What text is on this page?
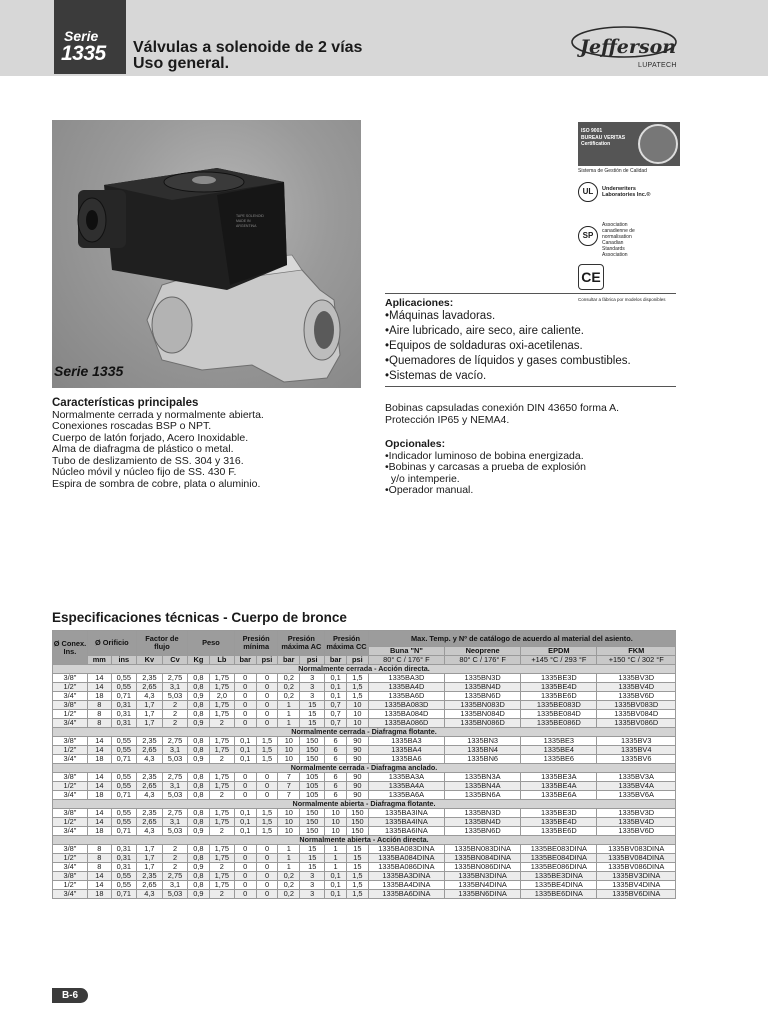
Serie
1335 Válvulas a solenoide de 2 vías
Uso general.
Jefferson
LUPATECH
Serie 1335
TAPE SOLENOID MADE IN ARGENTINA
ISO 9001
BUREAU VERITAS
Certification
Sistema de Gestión de Calidad
UL	Underwriters
Laboratories Inc.®
SP
Association
canadienne de
normalisation
Canadian
Standards
Association
CE
Consultar a fábrica por modelos disponibles
Aplicaciones:
•Máquinas lavadoras.
•Aire lubricado, aire seco, aire caliente.
•Equipos de soldaduras oxi-acetilenas.
•Quemadores de líquidos y gases combustibles.
•Sistemas de vacío.
Características principales
Normalmente cerrada y normalmente abierta.
Conexiones roscadas BSP o NPT.
Cuerpo de latón forjado, Acero Inoxidable.
Alma de diafragma de plástico o metal.
Tubo de deslizamiento de SS. 304 y 316.
Núcleo móvil y núcleo fijo de SS. 430 F.
Espira de sombra de cobre, plata o aluminio.
Bobinas capsuladas conexión DIN 43650 forma A.
Protección IP65 y NEMA4.
Opcionales:
•Indicador luminoso de bobina energizada.
•Bobinas y carcasas a prueba de explosión
y/o intemperie.
•Operador manual.
Especificaciones técnicas - Cuerpo de bronce
Ø Conex. Ins.	Ø Orificio		Factor de flujo		Peso		Presión mínima		Presión máxima AC		Presión máxima CC		Max. Temp. y Nº de catálogo de acuerdo al material del asiento.			
													Buna "N"	Neoprene	EPDM	FKM
	mm	ins	Kv	Cv	Kg	Lb	bar	psi	bar	psi	bar	psi	80° C / 176° F	80° C / 176° F	+145 °C / 293 °F	+150 °C / 302 °F
Normalmente cerrada - Acción directa.																
3/8"	14	0,55	2,35	2,75	0,8	1,75	0	0	0,2	3	0,1	1,5	1335BA3D	1335BN3D	1335BE3D	1335BV3D
1/2"	14	0,55	2,65	3,1	0,8	1,75	0	0	0,2	3	0,1	1,5	1335BA4D	1335BN4D	1335BE4D	1335BV4D
3/4"	18	0,71	4,3	5,03	0,9	2,0	0	0	0,2	3	0,1	1,5	1335BA6D	1335BN6D	1335BE6D	1335BV6D
3/8"	8	0,31	1,7	2	0,8	1,75	0	0	1	15	0,7	10	1335BA083D	1335BN083D	1335BE083D	1335BV083D
1/2"	8	0,31	1,7	2	0,8	1,75	0	0	1	15	0,7	10	1335BA084D	1335BN084D	1335BE084D	1335BV084D
3/4"	8	0,31	1,7	2	0,9	2	0	0	1	15	0,7	10	1335BA086D	1335BN086D	1335BE086D	1335BV086D
Normalmente cerrada - Diafragma flotante.																
3/8"	14	0,55	2,35	2,75	0,8	1,75	0,1	1,5	10	150	6	90	1335BA3	1335BN3	1335BE3	1335BV3
1/2"	14	0,55	2,65	3,1	0,8	1,75	0,1	1,5	10	150	6	90	1335BA4	1335BN4	1335BE4	1335BV4
3/4"	18	0,71	4,3	5,03	0,9	2	0,1	1,5	10	150	6	90	1335BA6	1335BN6	1335BE6	1335BV6
Normalmente cerrada - Diafragma anclado.																
3/8"	14	0,55	2,35	2,75	0,8	1,75	0	0	7	105	6	90	1335BA3A	1335BN3A	1335BE3A	1335BV3A
1/2"	14	0,55	2,65	3,1	0,8	1,75	0	0	7	105	6	90	1335BA4A	1335BN4A	1335BE4A	1335BV4A
3/4"	18	0,71	4,3	5,03	0,8	2	0	0	7	105	6	90	1335BA6A	1335BN6A	1335BE6A	1335BV6A
Normalmente abierta - Diafragma flotante.																
3/8"	14	0,55	2,35	2,75	0,8	1,75	0,1	1,5	10	150	10	150	1335BA3INA	1335BN3D	1335BE3D	1335BV3D
1/2"	14	0,55	2,65	3,1	0,8	1,75	0,1	1,5	10	150	10	150	1335BA4INA	1335BN4D	1335BE4D	1335BV4D
3/4"	18	0,71	4,3	5,03	0,9	2	0,1	1,5	10	150	10	150	1335BA6INA	1335BN6D	1335BE6D	1335BV6D
Normalmente abierta - Acción directa.																
3/8"	8	0,31	1,7	2	0,8	1,75	0	0	1	15	1	15	1335BA083DINA	1335BN083DINA	1335BE083DINA	1335BV083DINA
1/2"	8	0,31	1,7	2	0,8	1,75	0	0	1	15	1	15	1335BA084DINA	1335BN084DINA	1335BE084DINA	1335BV084DINA
3/4"	8	0,31	1,7	2	0,9	2	0	0	1	15	1	15	1335BA086DINA	1335BN086DINA	1335BE086DINA	1335BV086DINA
3/8"	14	0,55	2,35	2,75	0,8	1,75	0	0	0,2	3	0,1	1,5	1335BA3DINA	1335BN3DINA	1335BE3DINA	1335BV3DINA
1/2"	14	0,55	2,65	3,1	0,8	1,75	0	0	0,2	3	0,1	1,5	1335BA4DINA	1335BN4DINA	1335BE4DINA	1335BV4DINA
3/4"	18	0,71	4,3	5,03	0,9	2	0	0	0,2	3	0,1	1,5	1335BA6DINA	1335BN6DINA	1335BE6DINA	1335BV6DINA
B-6
